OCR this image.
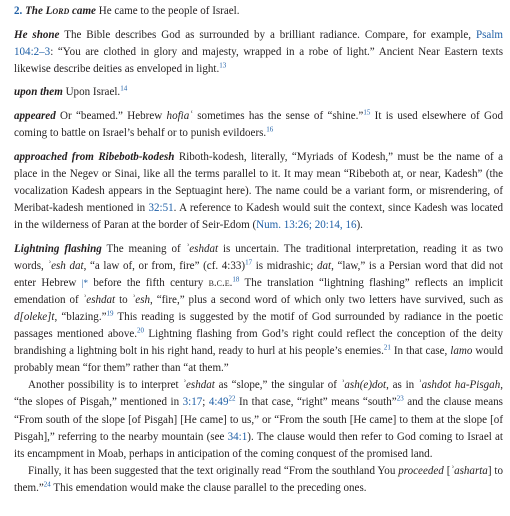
2. The Lord came He came to the people of Israel.

He shone The Bible describes God as surrounded by a brilliant radiance. Compare, for example, Psalm 104:2–3: “You are clothed in glory and majesty, wrapped in a robe of light.” Ancient Near Eastern texts likewise describe deities as enveloped in light.$^{13}$

upon them Upon Israel.$^{14}$

appeared Or “beamed.” Hebrew hofiaʿ sometimes has the sense of “shine.”$^{15}$ It is used elsewhere of God coming to battle on Israel’s behalf or to punish evildoers.$^{16}$

approached from Ribebotb-kodesh Riboth-kodesh, literally, “Myriads of Kodesh,” must be the name of a place in the Negev or Sinai, like all the terms parallel to it. It may mean “Ribeboth at, or near, Kadesh” (the vocalization Kadesh appears in the Septuagint here). The name could be a variant form, or misrendering, of Meribat-kadesh mentioned in 32:51. A reference to Kadesh would suit the context, since Kadesh was located in the wilderness of Paran at the border of Seir-Edom (Num. 13:26; 20:14, 16).

Lightning flashing The meaning of ʾeshdat is uncertain. The traditional interpretation, reading it as two words, ʾesh dat, “a law of, or from, fire” (cf. 4:33)$^{17}$ is midrashic; dat, “law,” is a Persian word that did not enter Hebrew |* before the fifth century b.c.e.$^{18}$ The translation “lightning flashing” reflects an implicit emendation of ʾeshdat to ʾesh, “fire,” plus a second word of which only two letters have survived, such as d[oleke]t, “blazing.”$^{19}$ This reading is suggested by the motif of God surrounded by radiance in the poetic passages mentioned above.$^{20}$ Lightning flashing from God’s right could reflect the conception of the deity brandishing a lightning bolt in his right hand, ready to hurl at his people’s enemies.$^{21}$ In that case, lamo would probably mean “for them” rather than “at them.”

Another possibility is to interpret ʾeshdat as “slope,” the singular of ʾash(e)dot, as in ʾashdot ha-Pisgah, “the slopes of Pisgah,” mentioned in 3:17; $4:49^{22}$ In that case, “right” means “south”$^{23}$ and the clause means “From south of the slope [of Pisgah] [He came] to us,” or “From the south [He came] to them at the slope [of Pisgah],” referring to the nearby mountain (see 34:1). The clause would then refer to God coming to Israel at its encampment in Moab, perhaps in anticipation of the coming conquest of the promised land.

Finally, it has been suggested that the text originally read “From the southland You proceeded [ʾasharta] to them.”$^{24}$ This emendation would make the clause parallel to the preceding ones.
